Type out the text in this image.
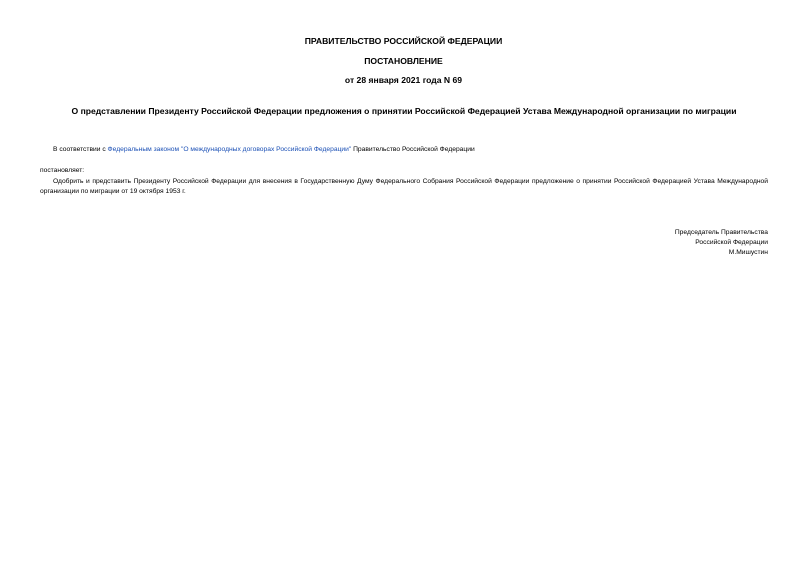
ПРАВИТЕЛЬСТВО РОССИЙСКОЙ ФЕДЕРАЦИИ
ПОСТАНОВЛЕНИЕ
от 28 января 2021 года N 69
О представлении Президенту Российской Федерации предложения о принятии Российской Федерацией Устава Международной организации по миграции
В соответствии с Федеральным законом "О международных договорах Российской Федерации" Правительство Российской Федерации
постановляет:
Одобрить и представить Президенту Российской Федерации для внесения в Государственную Думу Федерального Собрания Российской Федерации предложение о принятии Российской Федерацией Устава Международной организации по миграции от 19 октября 1953 г.
Председатель Правительства
Российской Федерации
М.Мишустин
